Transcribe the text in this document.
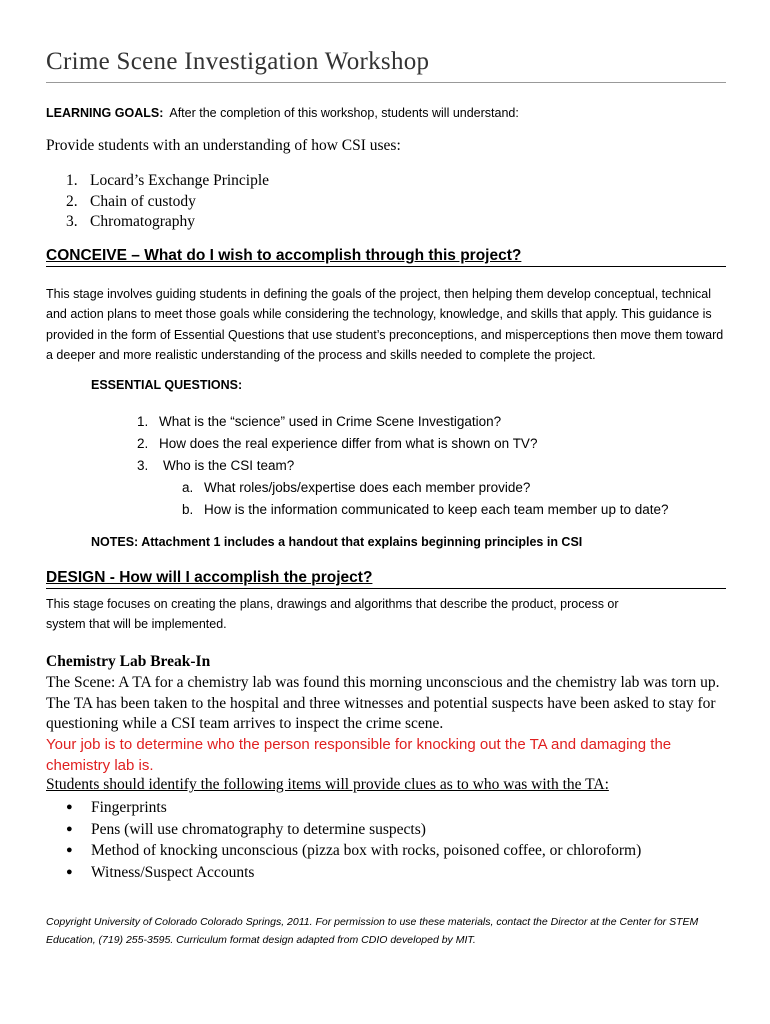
Crime Scene Investigation Workshop
LEARNING GOALS: After the completion of this workshop, students will understand:
Provide students with an understanding of how CSI uses:
1. Locard’s Exchange Principle
2. Chain of custody
3. Chromatography
CONCEIVE – What do I wish to accomplish through this project?
This stage involves guiding students in defining the goals of the project, then helping them develop conceptual, technical and action plans to meet those goals while considering the technology, knowledge, and skills that apply. This guidance is provided in the form of Essential Questions that use student’s preconceptions, and misperceptions then move them toward a deeper and more realistic understanding of the process and skills needed to complete the project.
ESSENTIAL QUESTIONS:
1. What is the “science” used in Crime Scene Investigation?
2. How does the real experience differ from what is shown on TV?
3. Who is the CSI team?
a. What roles/jobs/expertise does each member provide?
b. How is the information communicated to keep each team member up to date?
NOTES: Attachment 1 includes a handout that explains beginning principles in CSI
DESIGN - How will I accomplish the project?
This stage focuses on creating the plans, drawings and algorithms that describe the product, process or system that will be implemented.
Chemistry Lab Break-In
The Scene: A TA for a chemistry lab was found this morning unconscious and the chemistry lab was torn up. The TA has been taken to the hospital and three witnesses and potential suspects have been asked to stay for questioning while a CSI team arrives to inspect the crime scene.
Your job is to determine who the person responsible for knocking out the TA and damaging the chemistry lab is.
Students should identify the following items will provide clues as to who was with the TA:
● Fingerprints
● Pens (will use chromatography to determine suspects)
● Method of knocking unconscious (pizza box with rocks, poisoned coffee, or chloroform)
● Witness/Suspect Accounts
Copyright University of Colorado Colorado Springs, 2011. For permission to use these materials, contact the Director at the Center for STEM Education, (719) 255-3595. Curriculum format design adapted from CDIO developed by MIT.
